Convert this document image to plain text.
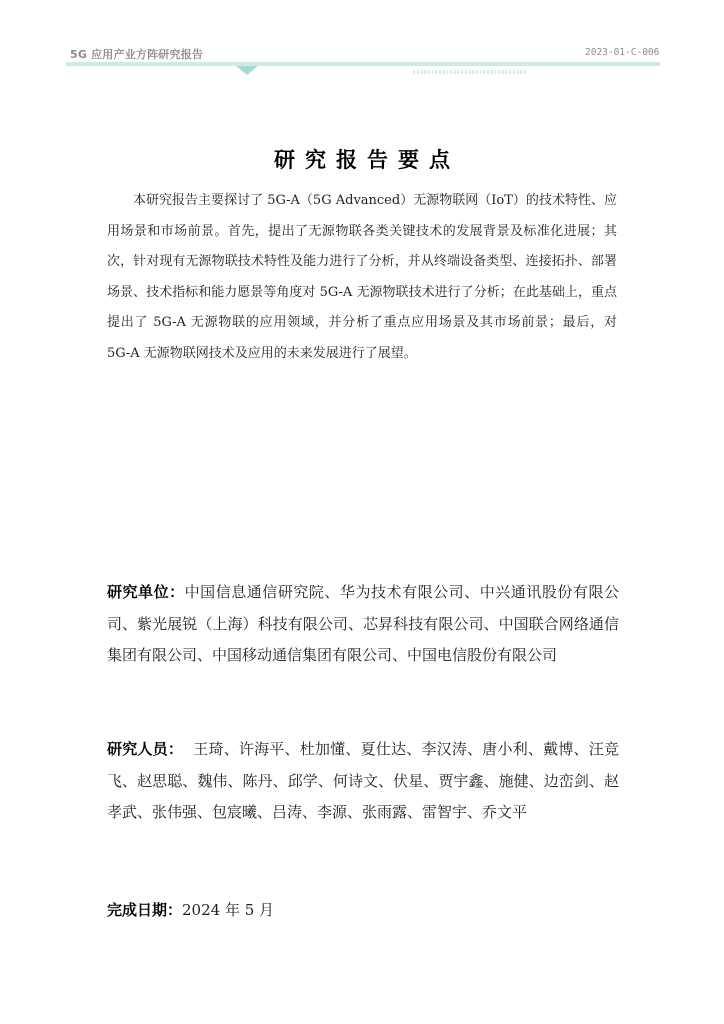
5G 应用产业方阵研究报告	2023-01-C-006
‹‹‹‹‹‹‹‹‹‹‹‹‹‹‹‹‹‹‹‹‹‹‹‹‹‹‹‹‹‹‹
研究报告要点

本研究报告主要探讨了 5G-A（5G Advanced）无源物联网（IoT）的技术特性、应用场景和市场前景。首先，提出了无源物联各类关键技术的发展背景及标准化进展；其次，针对现有无源物联技术特性及能力进行了分析，并从终端设备类型、连接拓扑、部署场景、技术指标和能力愿景等角度对 5G-A 无源物联技术进行了分析；在此基础上，重点提出了 5G-A 无源物联的应用领域，并分析了重点应用场景及其市场前景；最后，对 5G-A 无源物联网技术及应用的未来发展进行了展望。

研究单位：中国信息通信研究院、华为技术有限公司、中兴通讯股份有限公司、紫光展锐（上海）科技有限公司、芯昇科技有限公司、中国联合网络通信集团有限公司、中国移动通信集团有限公司、中国电信股份有限公司

研究人员： 王琦、许海平、杜加懂、夏仕达、李汉涛、唐小利、戴博、汪竞飞、赵思聪、魏伟、陈丹、邱学、何诗文、伏星、贾宇鑫、施健、边峦剑、赵孝武、张伟强、包宸曦、吕涛、李源、张雨露、雷智宇、乔文平

完成日期：2024 年 5 月
